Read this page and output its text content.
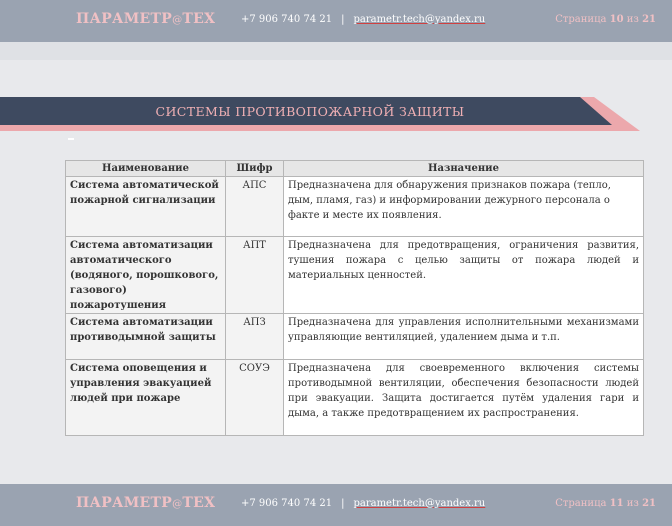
ПАРАМЕТР@ТЕХ	+7 906 740 74 21 | parametr.tech@yandex.ru	Страница 10 из 21
СИСТЕМЫ ПРОТИВОПОЖАРНОЙ ЗАЩИТЫ
Наименование	Шифр	Назначение
Система автоматической пожарной сигнализации	АПС	Предназначена для обнаружения признаков пожара (тепло, дым, пламя, газ) и информировании дежурного персонала о факте и месте их появления.
Система автоматизации автоматического (водяного, порошкового, газового) пожаротушения	АПТ	Предназначена для предотвращения, ограничения развития, тушения пожара с целью защиты от пожара людей и материальных ценностей.
Система автоматизации противодымной защиты	АПЗ	Предназначена для управления исполнительными механизмами управляющие вентиляцией, удалением дыма и т.п.
Система оповещения и управления эвакуацией людей при пожаре	СОУЭ	Предназначена для своевременного включения системы противодымной вентиляции, обеспечения безопасности людей при эвакуации. Защита достигается путём удаления гари и дыма, а также предотвращением их распространения.
ПАРАМЕТР@ТЕХ	+7 906 740 74 21 | parametr.tech@yandex.ru	Страница 11 из 21
